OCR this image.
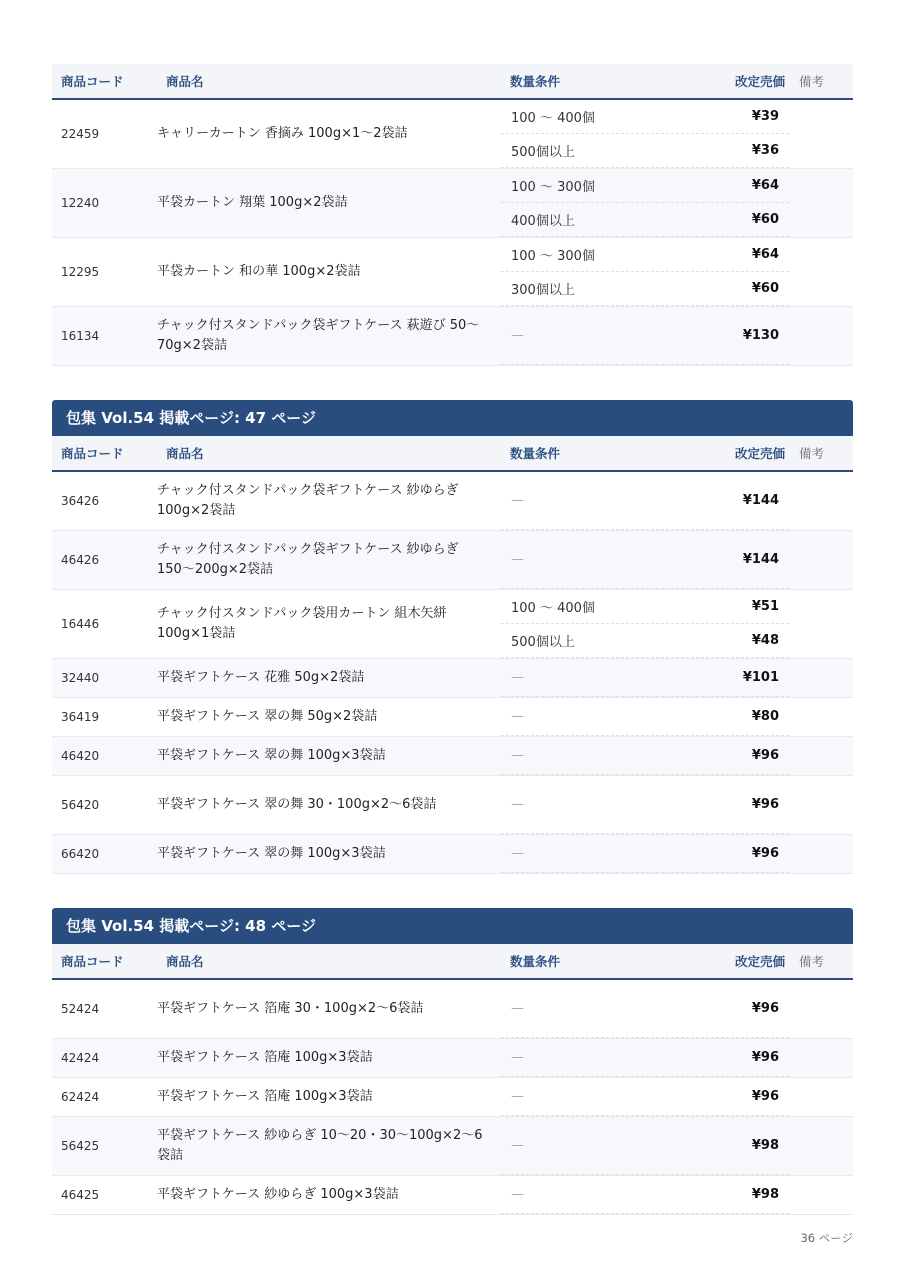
商品コード	商品名	数量条件	改定売価	備考
22459	キャリーカートン 香摘み 100g×1〜2袋詰	100 〜 400個 ¥39
500個以上 ¥36		

12240	平袋カートン 翔葉 100g×2袋詰	100 〜 300個 ¥64
400個以上 ¥60		

12295	平袋カートン 和の華 100g×2袋詰	100 〜 300個 ¥64
300個以上 ¥60		

16134	チャック付スタンドパック袋ギフトケース 萩遊び 50〜70g×2袋詰	— ¥130		

包集 Vol.54 掲載ページ: 47 ページ
商品コード	商品名	数量条件	改定売価	備考
36426	チャック付スタンドパック袋ギフトケース 紗ゆらぎ 100g×2袋詰	— ¥144		

46426	チャック付スタンドパック袋ギフトケース 紗ゆらぎ 150〜200g×2袋詰	— ¥144		

16446	チャック付スタンドパック袋用カートン 組木矢絣 100g×1袋詰	100 〜 400個 ¥51
500個以上 ¥48		

32440	平袋ギフトケース 花雅 50g×2袋詰	— ¥101		

36419	平袋ギフトケース 翠の舞 50g×2袋詰	— ¥80		

46420	平袋ギフトケース 翠の舞 100g×3袋詰	— ¥96		

56420	平袋ギフトケース 翠の舞 30・100g×2〜6袋詰	— ¥96		

66420	平袋ギフトケース 翠の舞 100g×3袋詰	— ¥96		

包集 Vol.54 掲載ページ: 48 ページ
商品コード	商品名	数量条件	改定売価	備考
52424	平袋ギフトケース 箔庵 30・100g×2〜6袋詰	— ¥96		

42424	平袋ギフトケース 箔庵 100g×3袋詰	— ¥96		

62424	平袋ギフトケース 箔庵 100g×3袋詰	— ¥96		

56425	平袋ギフトケース 紗ゆらぎ 10〜20・30〜100g×2〜6袋詰	— ¥98		

46425	平袋ギフトケース 紗ゆらぎ 100g×3袋詰	— ¥98		

36 ページ
